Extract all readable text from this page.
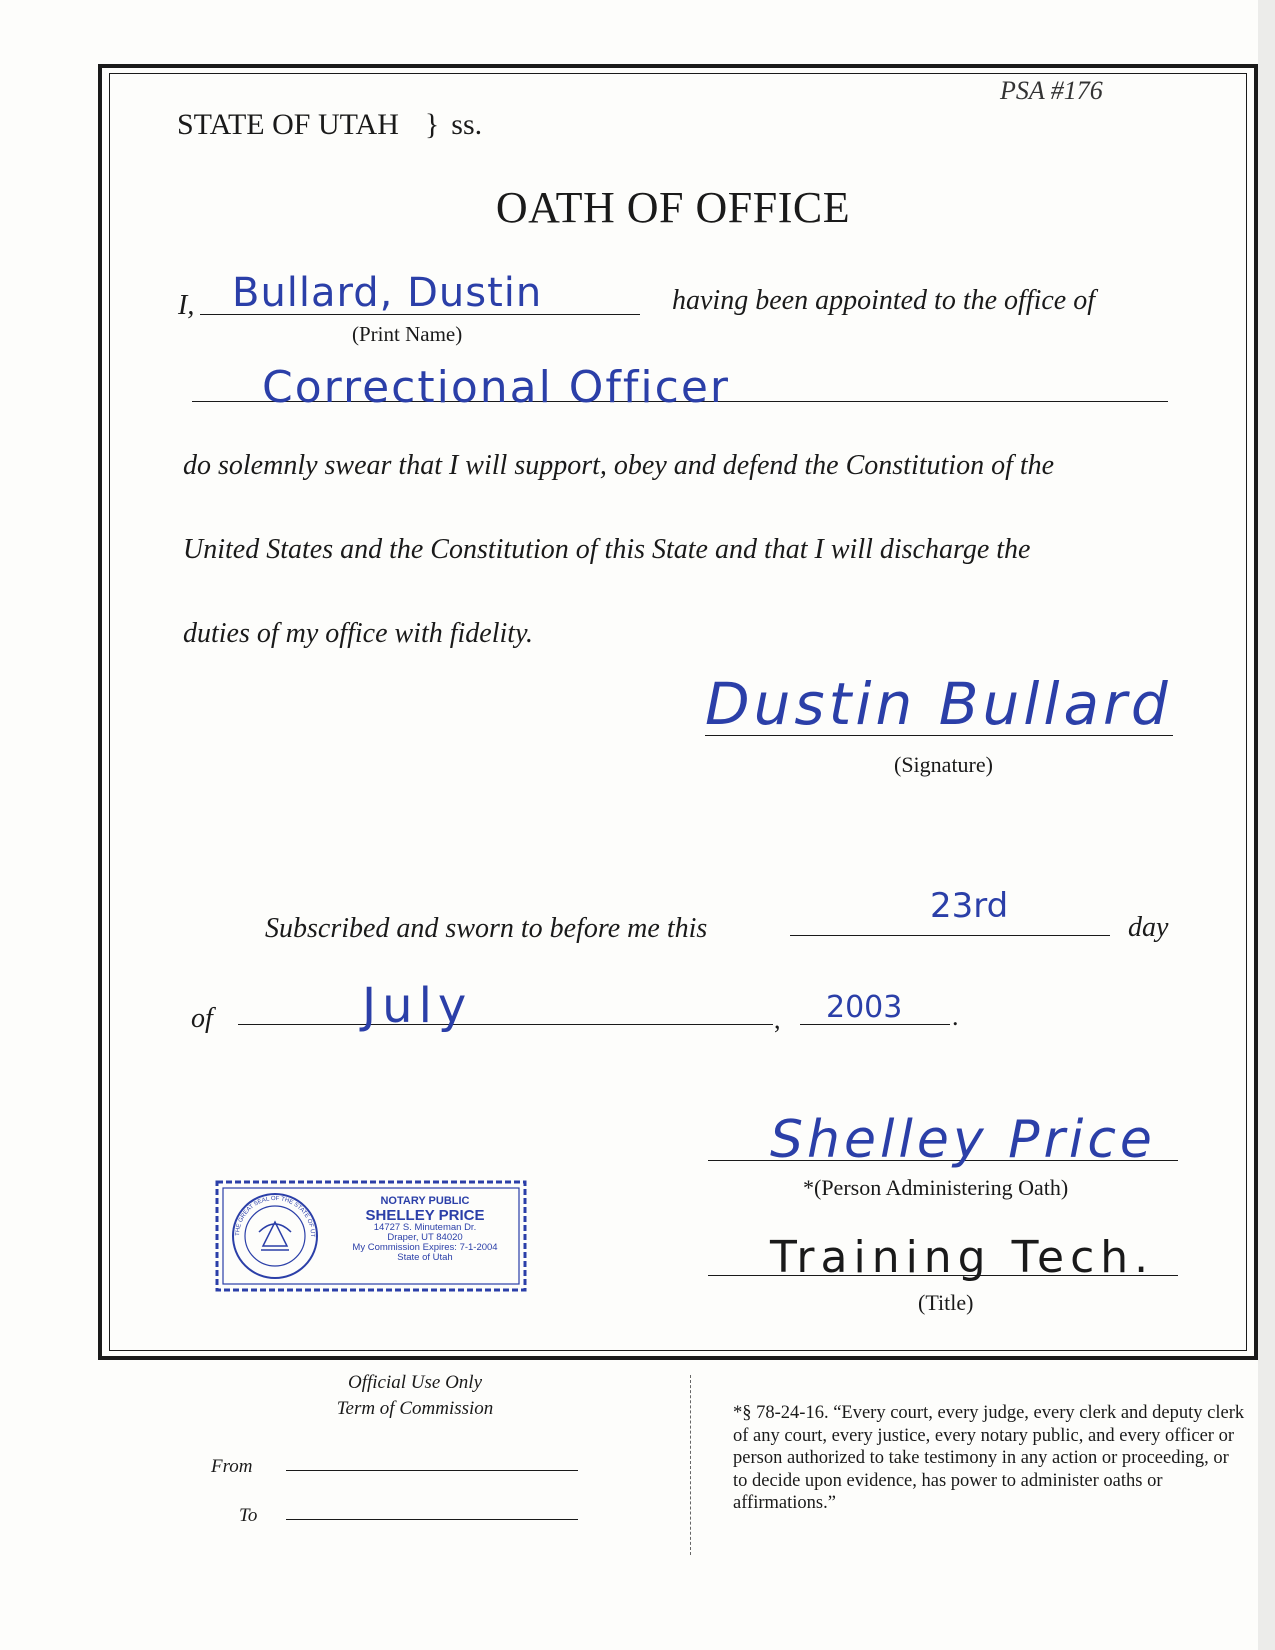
STATE OF UTAH } ss.
PSA #176
OATH OF OFFICE
I, Bullard, Dustin
(Print Name)
having been appointed to the office of
Correctional Officer
do solemnly swear that I will support, obey and defend the Constitution of the
United States and the Constitution of this State and that I will discharge the
duties of my office with fidelity.
Dustin Bullard
(Signature)
Subscribed and sworn to before me this
23rd
day
of	July	, 2003 .
THE GREAT SEAL OF THE STATE OF UT
NOTARY PUBLIC
SHELLEY PRICE
14727 S. Minuteman Dr.
Draper, UT 84020
My Commission Expires: 7-1-2004
State of Utah
Shelley Price
*(Person Administering Oath)
Training Tech.
(Title)
Official Use Only
Term of Commission
From
To
*§ 78-24-16. “Every court, every judge, every clerk and deputy clerk of any court, every justice, every notary public, and every officer or person authorized to take testimony in any action or proceeding, or to decide upon evidence, has power to administer oaths or affirmations.”
